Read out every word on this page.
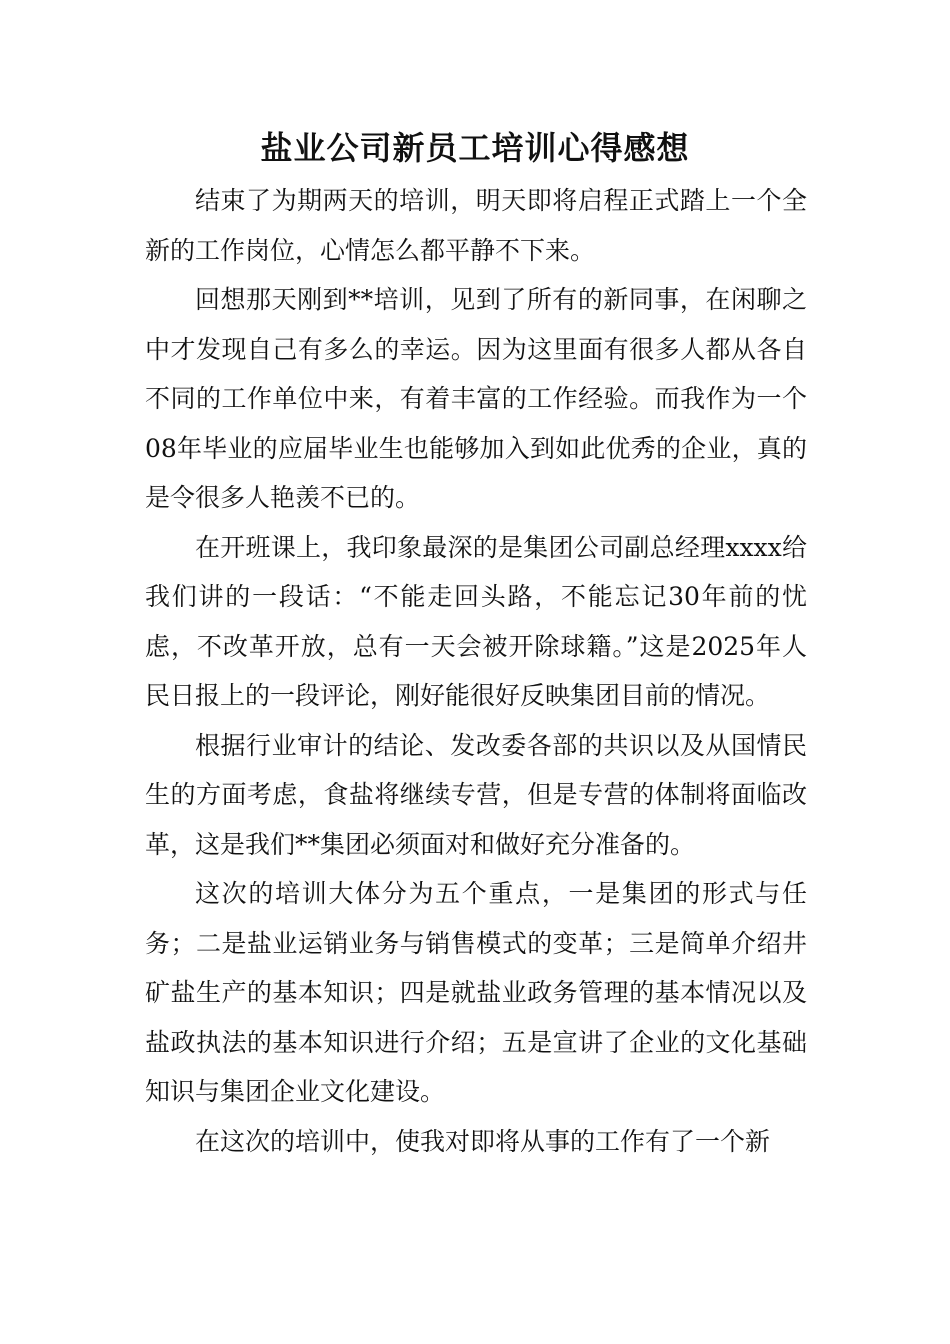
盐业公司新员工培训心得感想

结束了为期两天的培训，明天即将启程正式踏上一个全新的工作岗位，心情怎么都平静不下来。

回想那天刚到**培训，见到了所有的新同事，在闲聊之中才发现自己有多么的幸运。因为这里面有很多人都从各自不同的工作单位中来，有着丰富的工作经验。而我作为一个08年毕业的应届毕业生也能够加入到如此优秀的企业，真的是令很多人艳羡不已的。

在开班课上，我印象最深的是集团公司副总经理xxxx给我们讲的一段话：“不能走回头路，不能忘记30年前的忧虑，不改革开放，总有一天会被开除球籍。”这是2025年人民日报上的一段评论，刚好能很好反映集团目前的情况。

根据行业审计的结论、发改委各部的共识以及从国情民生的方面考虑，食盐将继续专营，但是专营的体制将面临改革，这是我们**集团必须面对和做好充分准备的。

这次的培训大体分为五个重点，一是集团的形式与任务；二是盐业运销业务与销售模式的变革；三是简单介绍井矿盐生产的基本知识；四是就盐业政务管理的基本情况以及盐政执法的基本知识进行介绍；五是宣讲了企业的文化基础知识与集团企业文化建设。

在这次的培训中，使我对即将从事的工作有了一个新
